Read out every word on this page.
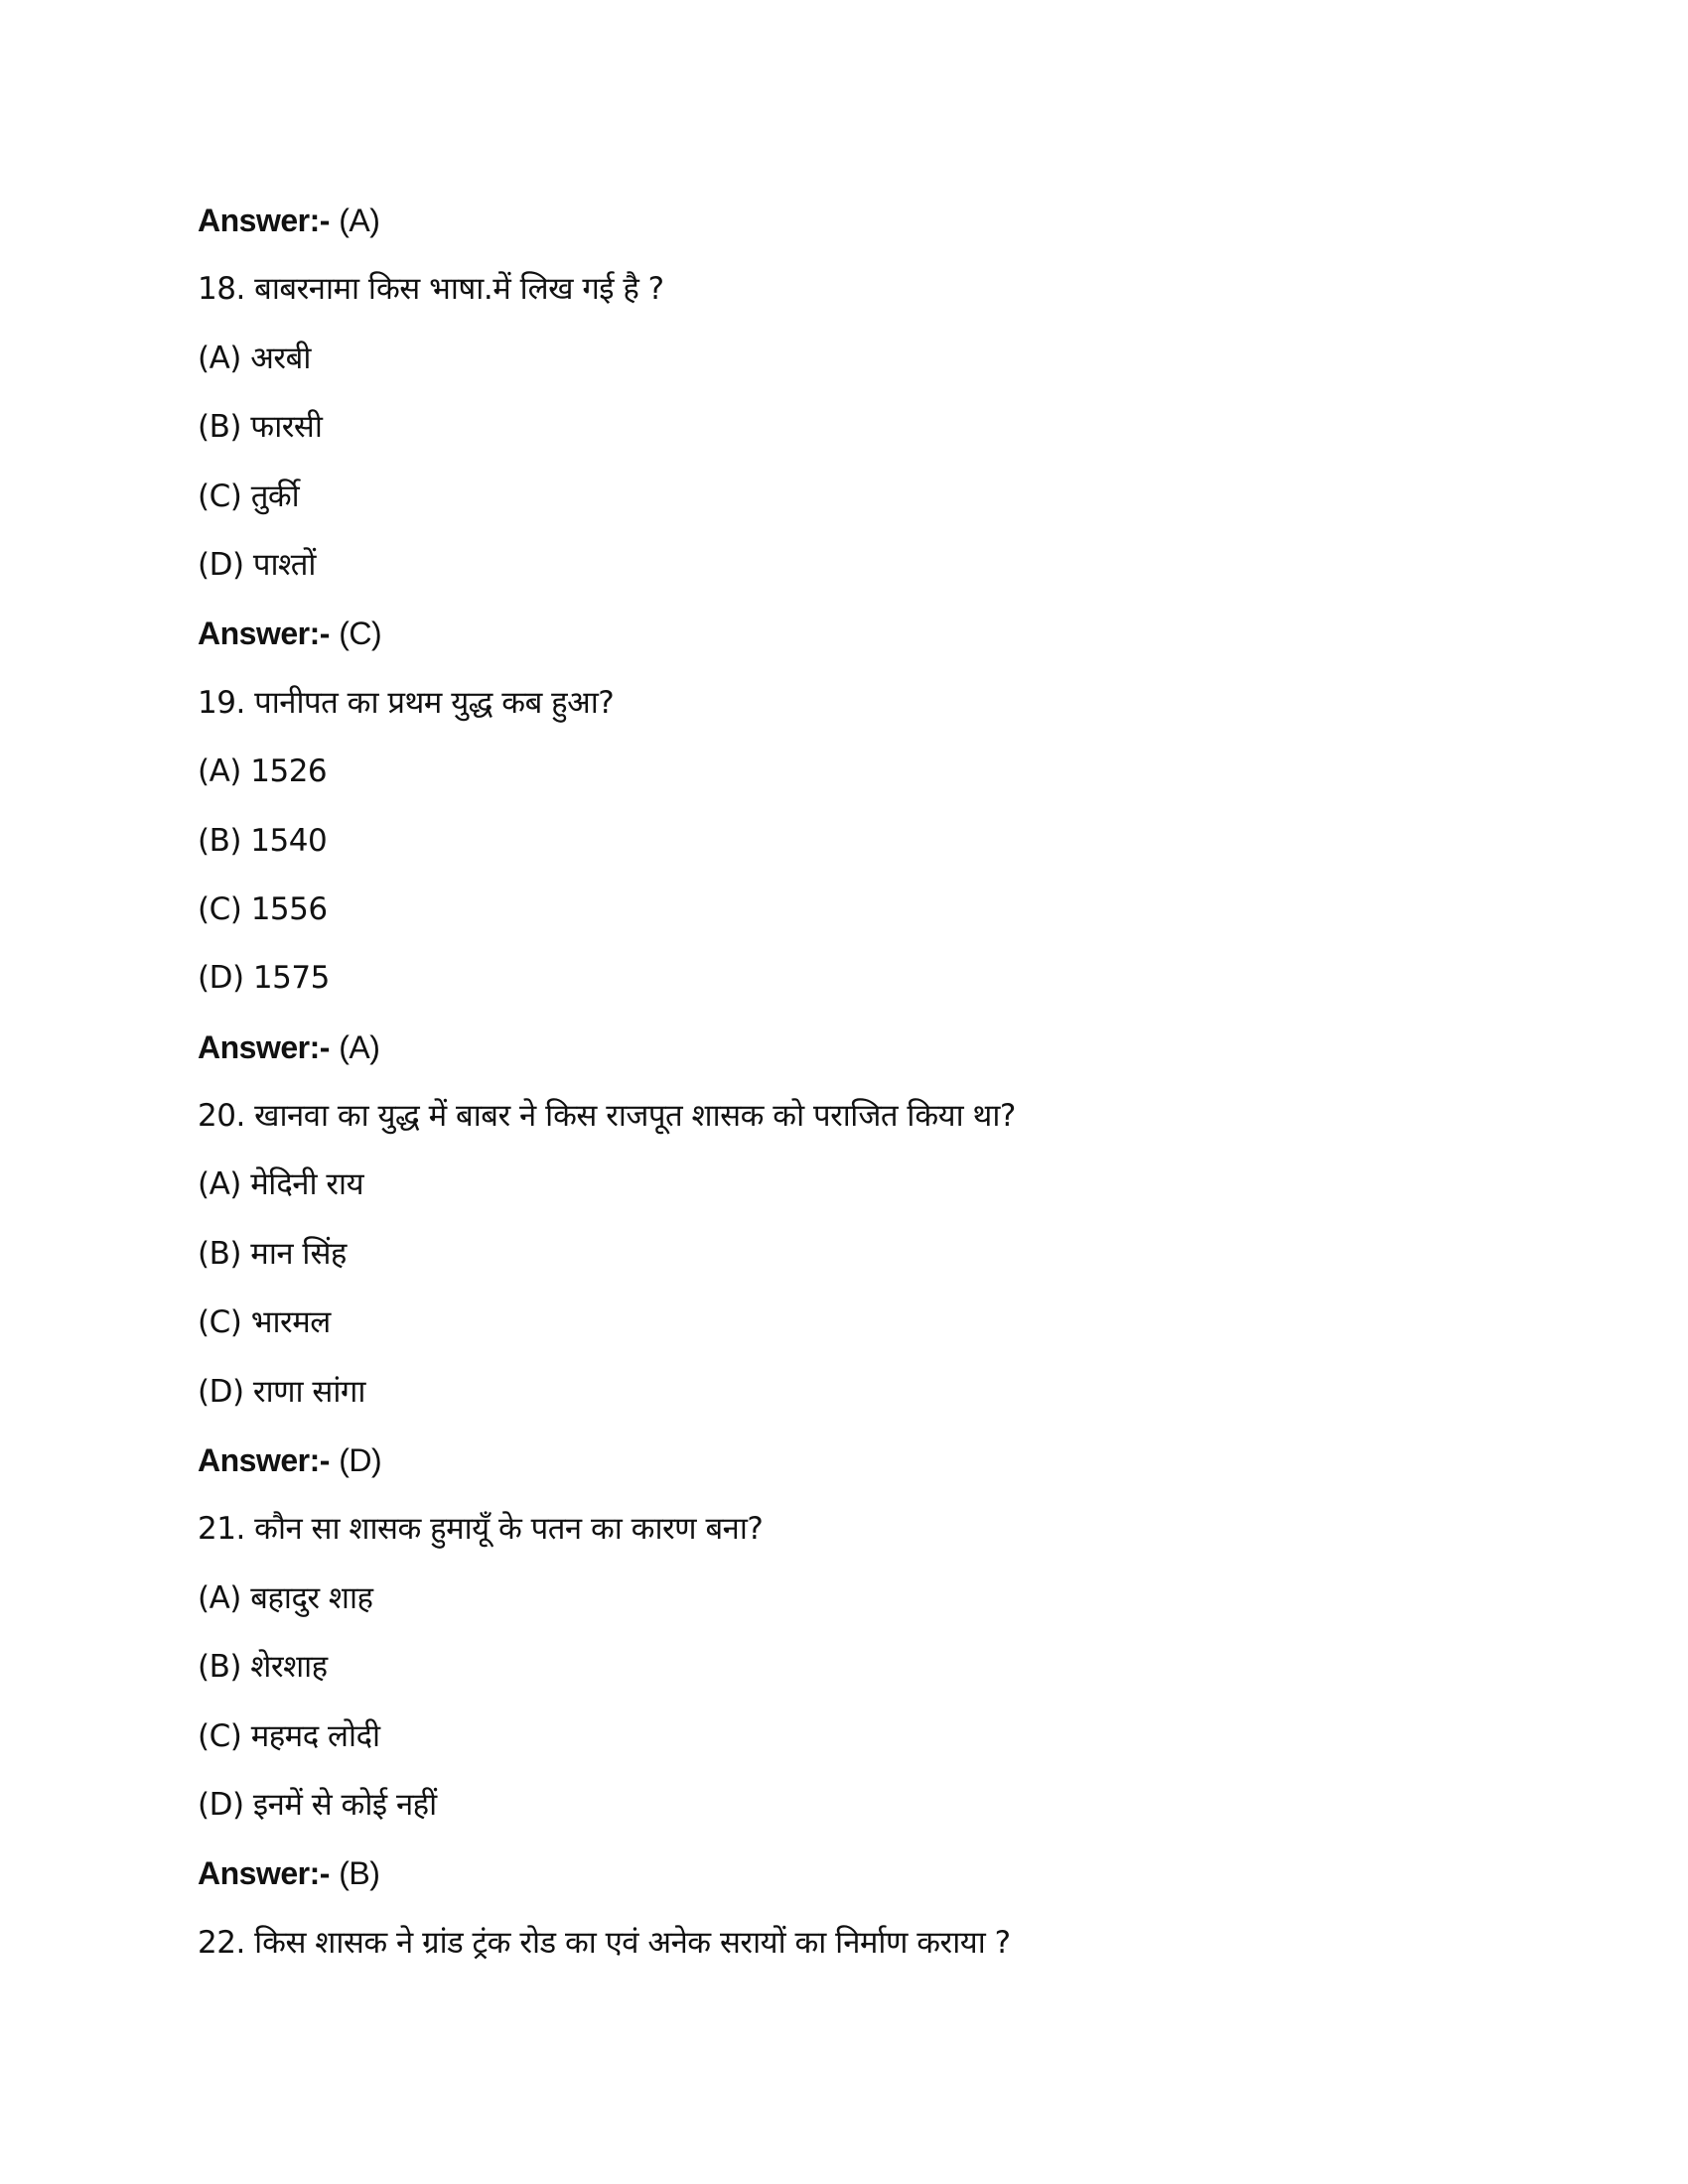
Answer:- (A)
18. बाबरनामा किस भाषा.में लिख गई है ?
(A) अरबी
(B) फारसी
(C) तुर्की
(D) पाश्तों
Answer:- (C)
19. पानीपत का प्रथम युद्ध कब हुआ?
(A) 1526
(B) 1540
(C) 1556
(D) 1575
Answer:- (A)
20. खानवा का युद्ध में बाबर ने किस राजपूत शासक को पराजित किया था?
(A) मेदिनी राय
(B) मान सिंह
(C) भारमल
(D) राणा सांगा
Answer:- (D)
21. कौन सा शासक हुमायूँ के पतन का कारण बना?
(A) बहादुर शाह
(B) शेरशाह
(C) महमद लोदी
(D) इनमें से कोई नहीं
Answer:- (B)
22. किस शासक ने ग्रांड ट्रंक रोड का एवं अनेक सरायों का निर्माण कराया ?
